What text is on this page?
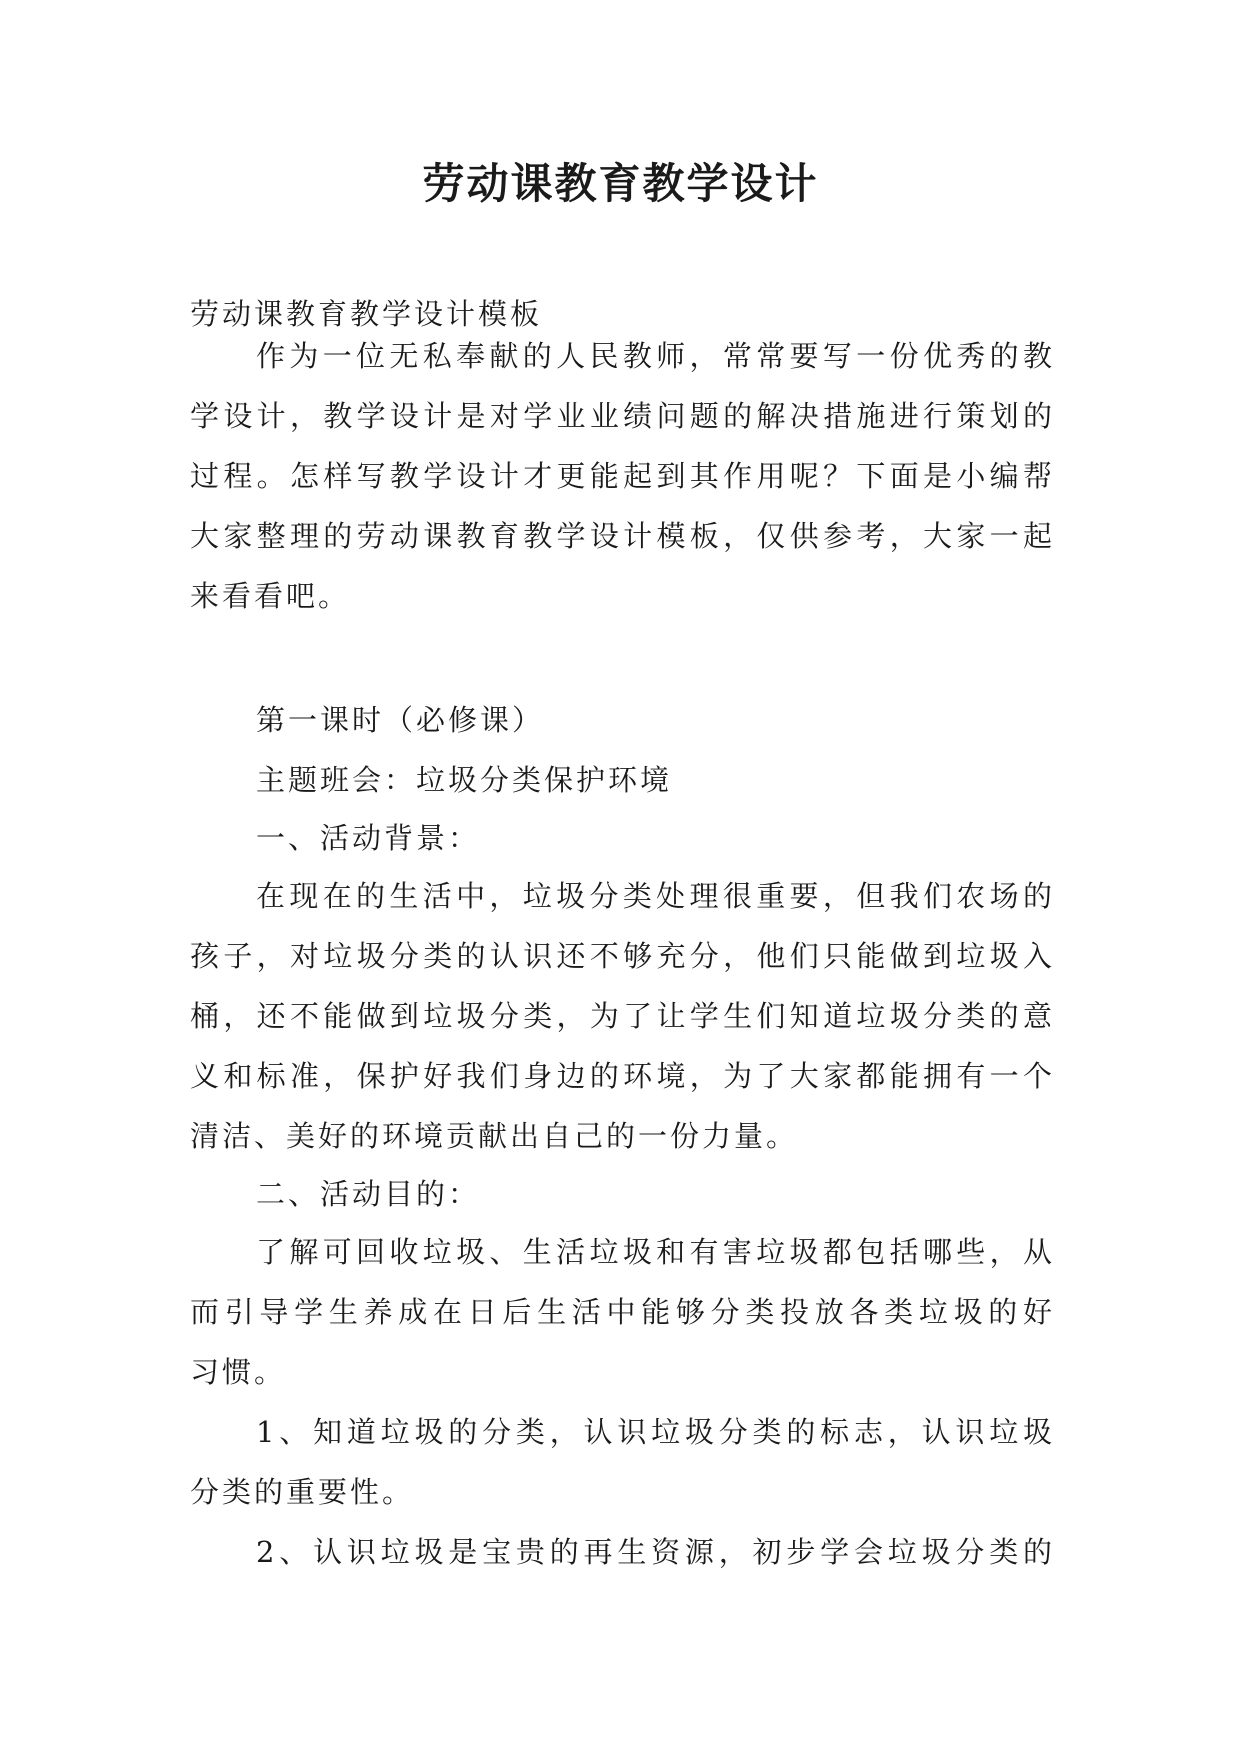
劳动课教育教学设计
劳动课教育教学设计模板
作为一位无私奉献的人民教师，常常要写一份优秀的教
学设计，教学设计是对学业业绩问题的解决措施进行策划的
过程。怎样写教学设计才更能起到其作用呢？下面是小编帮
大家整理的劳动课教育教学设计模板，仅供参考，大家一起
来看看吧。
第一课时（必修课）
主题班会：垃圾分类保护环境
一、活动背景：
在现在的生活中，垃圾分类处理很重要，但我们农场的
孩子，对垃圾分类的认识还不够充分，他们只能做到垃圾入
桶，还不能做到垃圾分类，为了让学生们知道垃圾分类的意
义和标准，保护好我们身边的环境，为了大家都能拥有一个
清洁、美好的环境贡献出自己的一份力量。
二、活动目的：
了解可回收垃圾、生活垃圾和有害垃圾都包括哪些，从
而引导学生养成在日后生活中能够分类投放各类垃圾的好
习惯。
1、知道垃圾的分类，认识垃圾分类的标志，认识垃圾
分类的重要性。
2、认识垃圾是宝贵的再生资源，初步学会垃圾分类的
